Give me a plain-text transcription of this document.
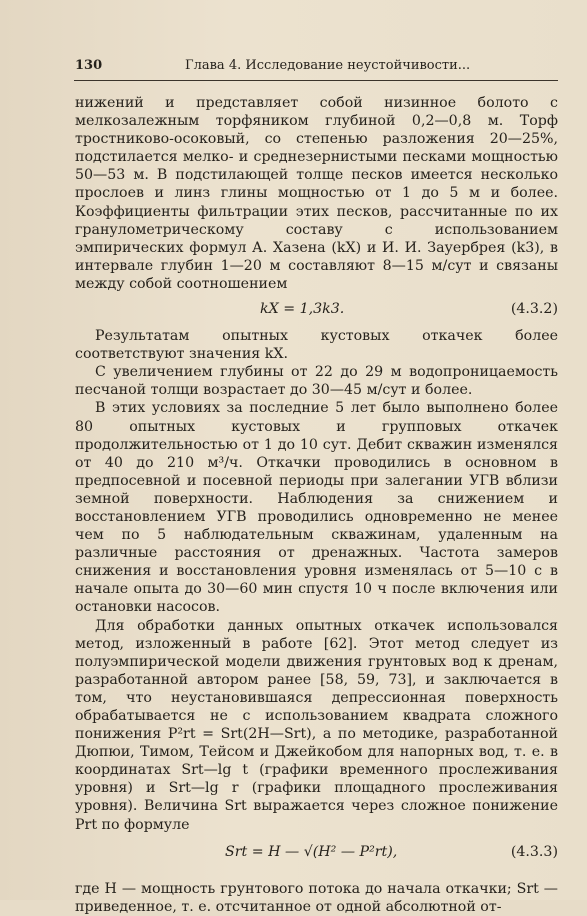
130	Глава 4. Исследование неустойчивости...

нижений и представляет собой низинное болото с мелкозалежным торфяником глубиной 0,2—0,8 м. Торф тростниково-осоковый, со степенью разложения 20—25%, подстилается мелко- и среднезернистыми песками мощностью 50—53 м. В подстилающей толще песков имеется несколько прослоев и линз глины мощностью от 1 до 5 м и более. Коэффициенты фильтрации этих песков, рассчитанные по их гранулометрическому составу с использованием эмпирических формул А. Хазена (kX) и И. И. Зауербрея (k3), в интервале глубин 1—20 м составляют 8—15 м/сут и связаны между собой соотношением

kX = 1,3k3.	(4.3.2)

Результатам опытных кустовых откачек более соответствуют значения kX.

С увеличением глубины от 22 до 29 м водопроницаемость песчаной толщи возрастает до 30—45 м/сут и более.

В этих условиях за последние 5 лет было выполнено более 80 опытных кустовых и групповых откачек продолжительностью от 1 до 10 сут. Дебит скважин изменялся от 40 до 210 м³/ч. Откачки проводились в основном в предпосевной и посевной периоды при залегании УГВ вблизи земной поверхности. Наблюдения за снижением и восстановлением УГВ проводились одновременно не менее чем по 5 наблюдательным скважинам, удаленным на различные расстояния от дренажных. Частота замеров снижения и восстановления уровня изменялась от 5—10 с в начале опыта до 30—60 мин спустя 10 ч после включения или остановки насосов.

Для обработки данных опытных откачек использовался метод, изложенный в работе [62]. Этот метод следует из полуэмпирической модели движения грунтовых вод к дренам, разработанной автором ранее [58, 59, 73], и заключается в том, что неустановившаяся депрессионная поверхность обрабатывается не с использованием квадрата сложного понижения P²rt = Srt(2H—Srt), а по методике, разработанной Дюпюи, Тимом, Тейсом и Джейкобом для напорных вод, т. е. в координатах Srt—lg t (графики временного прослеживания уровня) и Srt—lg r (графики площадного прослеживания уровня). Величина Srt выражается через сложное понижение Prt по формуле

Srt = H — √(H² — P²rt),	(4.3.3)

где H — мощность грунтового потока до начала откачки; Srt — приведенное, т. е. отсчитанное от одной абсолютной от-
